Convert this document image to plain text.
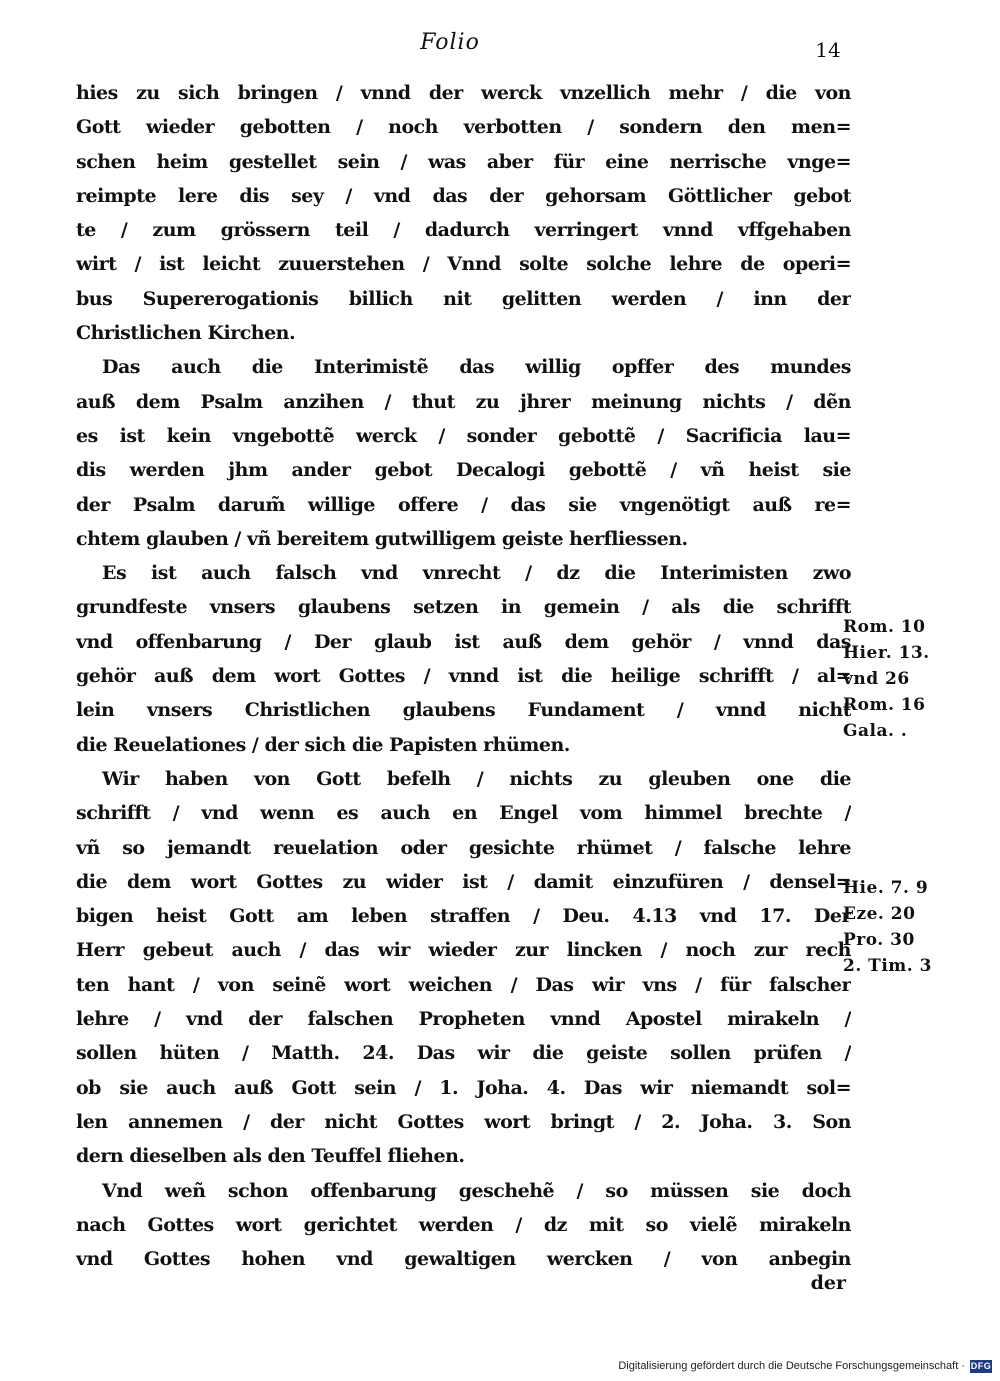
Folio	14
hies zu sich bringen / vnnd der werck vnzellich mehr / die von
Gott wieder gebotten / noch verbotten / sondern den men=
schen heim gestellet sein / was aber für eine nerrische vnge=
reimpte lere dis sey / vnd das der gehorsam Göttlicher gebot
te / zum grössern teil / dadurch verringert vnnd vffgehaben
wirt / ist leicht zuuerstehen / Vnnd solte solche lehre de operi=
bus Supererogationis billich nit gelitten werden / inn der
Christlichen Kirchen.
Das auch die Interimistẽ das willig opffer des mundes
auß dem Psalm anzihen / thut zu jhrer meinung nichts / dẽn
es ist kein vngebottẽ werck / sonder gebottẽ / Sacrificia lau=
dis werden jhm ander gebot Decalogi gebottẽ / vñ heist sie
der Psalm darum̃ willige offere / das sie vngenötigt auß re=
chtem glauben / vñ bereitem gutwilligem geiste herfliessen.
Es ist auch falsch vnd vnrecht / dz die Interimisten zwo
grundfeste vnsers glaubens setzen in gemein / als die schrifft
vnd offenbarung / Der glaub ist auß dem gehör / vnnd das
gehör auß dem wort Gottes / vnnd ist die heilige schrifft / al=
lein vnsers Christlichen glaubens Fundament / vnnd nicht
die Reuelationes / der sich die Papisten rhümen.
Wir haben von Gott befelh / nichts zu gleuben one die
schrifft / vnd wenn es auch en Engel vom himmel brechte /
vñ so jemandt reuelation oder gesichte rhümet / falsche lehre
die dem wort Gottes zu wider ist / damit einzufüren / densel=
bigen heist Gott am leben straffen / Deu. 4.13 vnd 17. Der
Herr gebeut auch / das wir wieder zur lincken / noch zur rech
ten hant / von seinẽ wort weichen / Das wir vns / für falscher
lehre / vnd der falschen Propheten vnnd Apostel mirakeln /
sollen hüten / Matth. 24. Das wir die geiste sollen prüfen /
ob sie auch auß Gott sein / 1. Joha. 4. Das wir niemandt sol=
len annemen / der nicht Gottes wort bringt / 2. Joha. 3. Son
dern dieselben als den Teuffel fliehen.
Vnd weñ schon offenbarung geschehẽ / so müssen sie doch
nach Gottes wort gerichtet werden / dz mit so vielẽ mirakeln
vnd Gottes hohen vnd gewaltigen wercken / von anbegin
der
Rom. 10
Hier. 13.
vnd 26
Rom. 16
Gala. .
Hie. 7. 9
Eze. 20
Pro. 30
2. Tim. 3
Digitalisierung gefördert durch die Deutsche Forschungsgemeinschaft · DFG
